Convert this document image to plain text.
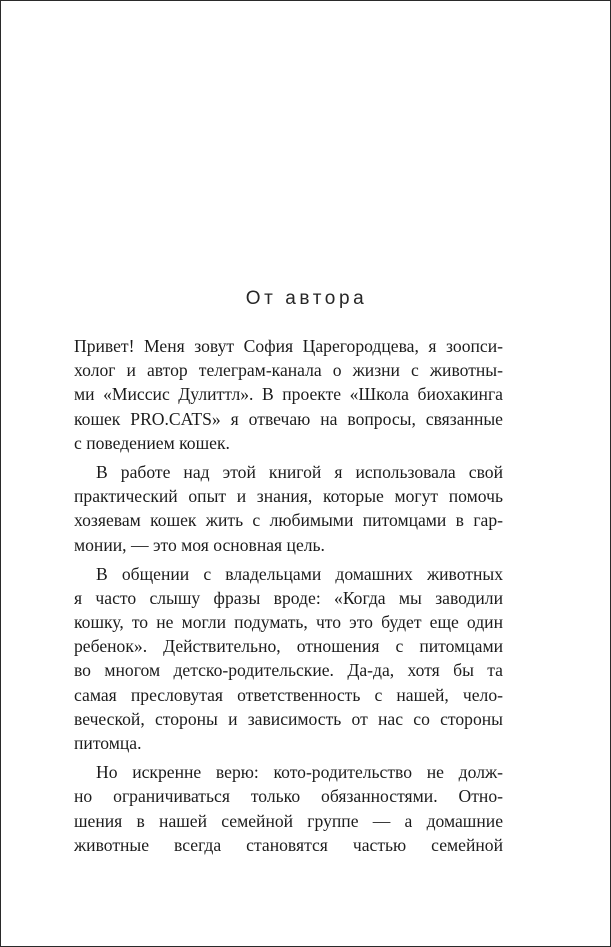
От автора
Привет! Меня зовут София Царегородцева, я зоопси-
холог и автор телеграм-канала о жизни с животны-
ми «Миссис Дулиттл». В проекте «Школа биохакинга
кошек PRO.CATS» я отвечаю на вопросы, связанные
с поведением кошек.
В работе над этой книгой я использовала свой
практический опыт и знания, которые могут помочь
хозяевам кошек жить с любимыми питомцами в гар-
монии, — это моя основная цель.
В общении с владельцами домашних животных
я часто слышу фразы вроде: «Когда мы заводили
кошку, то не могли подумать, что это будет еще один
ребенок». Действительно, отношения с питомцами
во многом детско-родительские. Да-да, хотя бы та
самая пресловутая ответственность с нашей, чело-
веческой, стороны и зависимость от нас со стороны
питомца.
Но искренне верю: кото-родительство не долж-
но ограничиваться только обязанностями. Отно-
шения в нашей семейной группе — а домашние
животные всегда становятся частью семейной
